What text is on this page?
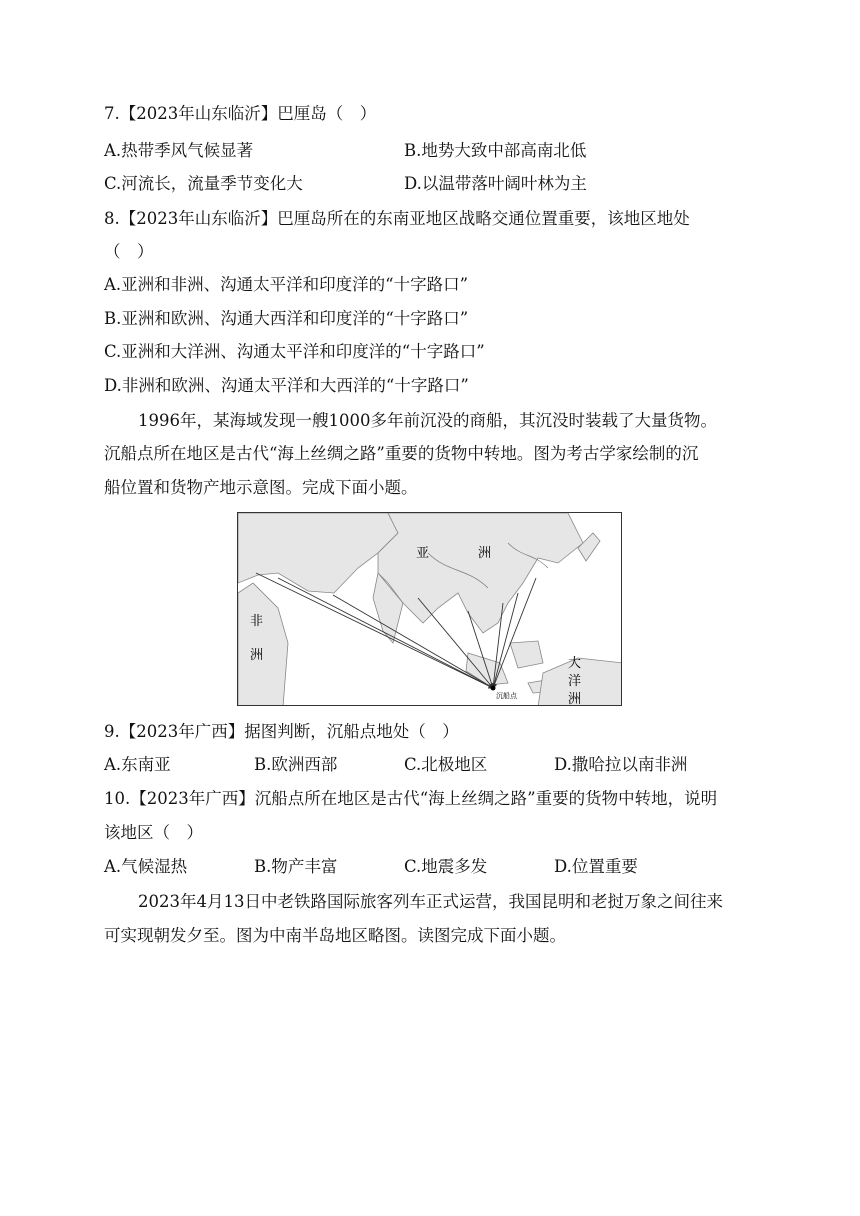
7.【2023年山东临沂】巴厘岛（　）
A.热带季风气候显著	B.地势大致中部高南北低
C.河流长，流量季节变化大	D.以温带落叶阔叶林为主
8.【2023年山东临沂】巴厘岛所在的东南亚地区战略交通位置重要，该地区地处
（　）
A.亚洲和非洲、沟通太平洋和印度洋的“十字路口”
B.亚洲和欧洲、沟通大西洋和印度洋的“十字路口”
C.亚洲和大洋洲、沟通太平洋和印度洋的“十字路口”
D.非洲和欧洲、沟通太平洋和大西洋的“十字路口”
1996年，某海域发现一艘1000多年前沉没的商船，其沉没时装载了大量货物。
沉船点所在地区是古代“海上丝绸之路”重要的货物中转地。图为考古学家绘制的沉
船位置和货物产地示意图。完成下面小题。
亚	洲
非
洲
大
洋
洲
沉船点
9.【2023年广西】据图判断，沉船点地处（　）
A.东南亚	B.欧洲西部	C.北极地区	D.撒哈拉以南非洲
10.【2023年广西】沉船点所在地区是古代“海上丝绸之路”重要的货物中转地，说明
该地区（　）
A.气候湿热	B.物产丰富	C.地震多发	D.位置重要
2023年4月13日中老铁路国际旅客列车正式运营，我国昆明和老挝万象之间往来
可实现朝发夕至。图为中南半岛地区略图。读图完成下面小题。
